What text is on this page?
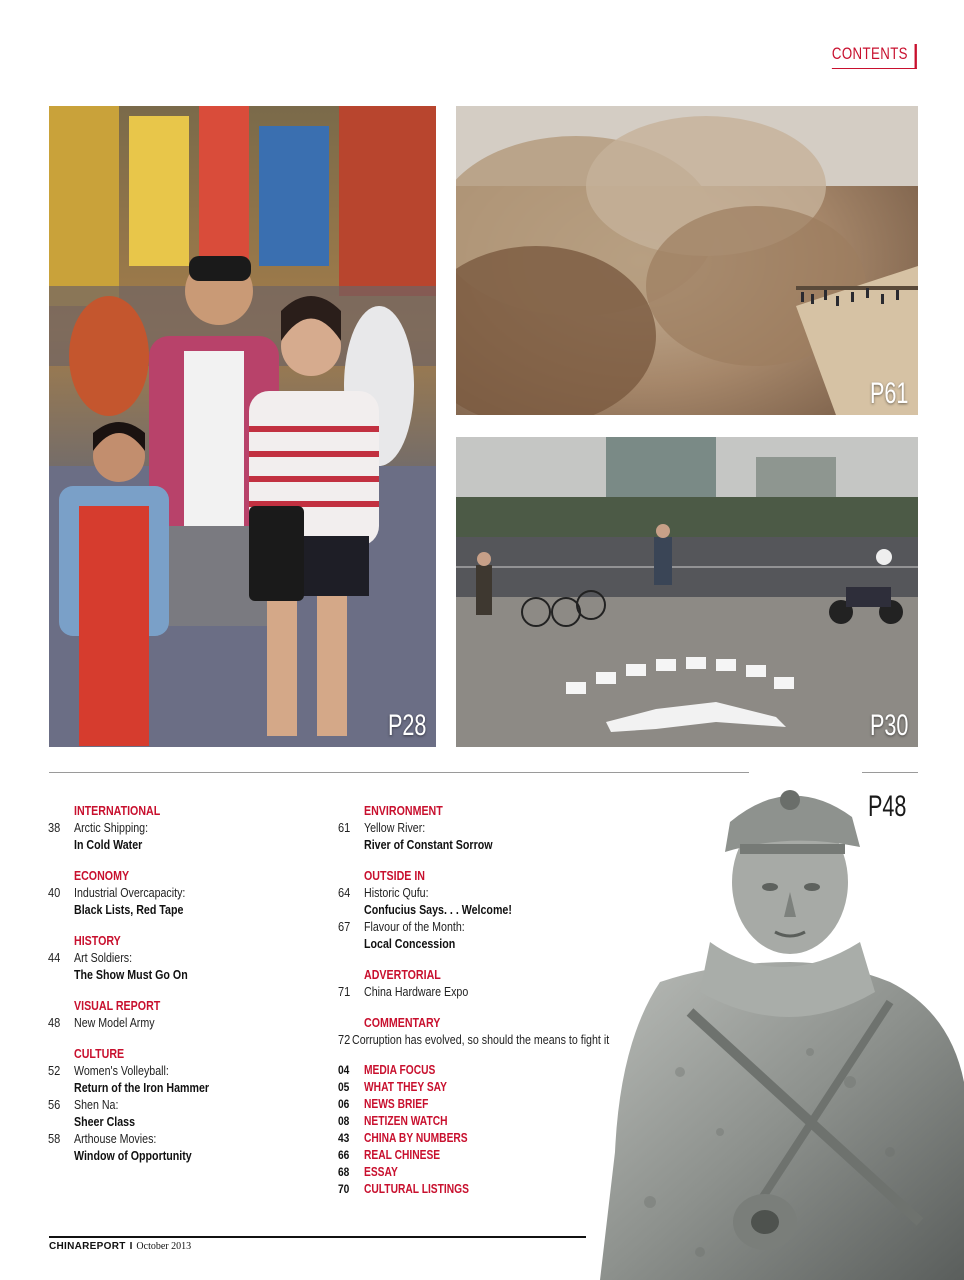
CONTENTS
P28
P61
P30
P48
INTERNATIONAL
38	Arctic Shipping:
In Cold Water
ECONOMY
40	Industrial Overcapacity:
Black Lists, Red Tape
HISTORY
44	Art Soldiers:
The Show Must Go On
VISUAL REPORT
48	New Model Army
CULTURE
52	Women's Volleyball:
Return of the Iron Hammer
56	Shen Na:
Sheer Class
58	Arthouse Movies:
Window of Opportunity
ENVIRONMENT
61	Yellow River:
River of Constant Sorrow
OUTSIDE IN
64	Historic Qufu:
Confucius Says. . . Welcome!
67	Flavour of the Month:
Local Concession
ADVERTORIAL
71	China Hardware Expo
COMMENTARY
72 Corruption has evolved, so should the means to fight it
04	MEDIA FOCUS
05	WHAT THEY SAY
06	NEWS BRIEF
08	NETIZEN WATCH
43	CHINA BY NUMBERS
66	REAL CHINESE
68	ESSAY
70	CULTURAL LISTINGS
CHINAREPORT I October 2013
